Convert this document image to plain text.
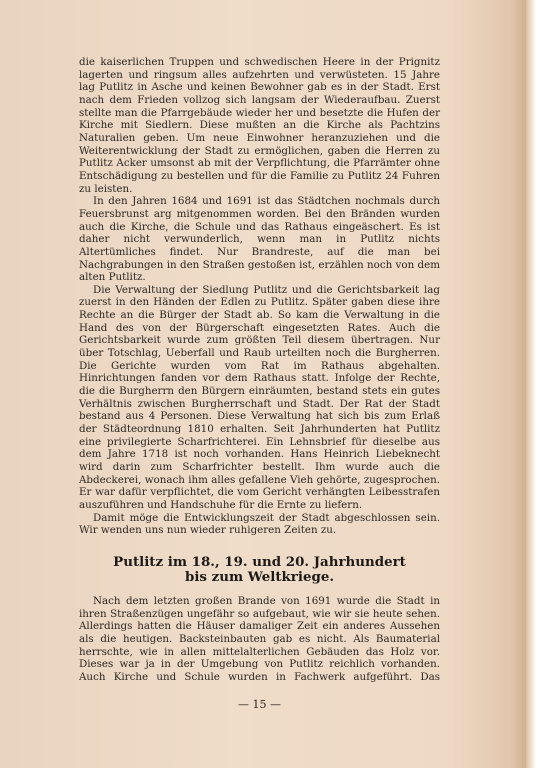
die kaiserlichen Truppen und schwedischen Heere in der Prignitz lagerten und ringsum alles aufzehrten und verwüsteten. 15 Jahre lag Putlitz in Asche und keinen Bewohner gab es in der Stadt. Erst nach dem Frieden vollzog sich langsam der Wiederaufbau. Zuerst stellte man die Pfarrgebäude wieder her und besetzte die Hufen der Kirche mit Siedlern. Diese mußten an die Kirche als Pachtzins Naturalien geben. Um neue Einwohner heranzuziehen und die Weiterentwicklung der Stadt zu ermöglichen, gaben die Herren zu Putlitz Acker umsonst ab mit der Verpflichtung, die Pfarrämter ohne Entschädigung zu bestellen und für die Familie zu Putlitz 24 Fuhren zu leisten.

In den Jahren 1684 und 1691 ist das Städtchen nochmals durch Feuersbrunst arg mitgenommen worden. Bei den Bränden wurden auch die Kirche, die Schule und das Rathaus eingeäschert. Es ist daher nicht verwunderlich, wenn man in Putlitz nichts Altertümliches findet. Nur Brandreste, auf die man bei Nachgrabungen in den Straßen gestoßen ist, erzählen noch von dem alten Putlitz.

Die Verwaltung der Siedlung Putlitz und die Gerichtsbarkeit lag zuerst in den Händen der Edlen zu Putlitz. Später gaben diese ihre Rechte an die Bürger der Stadt ab. So kam die Verwaltung in die Hand des von der Bürgerschaft eingesetzten Rates. Auch die Gerichtsbarkeit wurde zum größten Teil diesem übertragen. Nur über Totschlag, Ueberfall und Raub urteilten noch die Burgherren. Die Gerichte wurden vom Rat im Rathaus abgehalten. Hinrichtungen fanden vor dem Rathaus statt. Infolge der Rechte, die die Burgherrn den Bürgern einräumten, bestand stets ein gutes Verhältnis zwischen Burgherrschaft und Stadt. Der Rat der Stadt bestand aus 4 Personen. Diese Verwaltung hat sich bis zum Erlaß der Städteordnung 1810 erhalten. Seit Jahrhunderten hat Putlitz eine privilegierte Scharfrichterei. Ein Lehnsbrief für dieselbe aus dem Jahre 1718 ist noch vorhanden. Hans Heinrich Liebeknecht wird darin zum Scharfrichter bestellt. Ihm wurde auch die Abdeckerei, wonach ihm alles gefallene Vieh gehörte, zugesprochen. Er war dafür verpflichtet, die vom Gericht verhängten Leibesstrafen auszuführen und Handschuhe für die Ernte zu liefern.

Damit möge die Entwicklungszeit der Stadt abgeschlossen sein. Wir wenden uns nun wieder ruhigeren Zeiten zu.

Putlitz im 18., 19. und 20. Jahrhundert
bis zum Weltkriege.

Nach dem letzten großen Brande von 1691 wurde die Stadt in ihren Straßenzügen ungefähr so aufgebaut, wie wir sie heute sehen. Allerdings hatten die Häuser damaliger Zeit ein anderes Aussehen als die heutigen. Backsteinbauten gab es nicht. Als Baumaterial herrschte, wie in allen mittelalterlichen Gebäuden das Holz vor. Dieses war ja in der Umgebung von Putlitz reichlich vorhanden. Auch Kirche und Schule wurden in Fachwerk aufgeführt. Das

— 15 —
